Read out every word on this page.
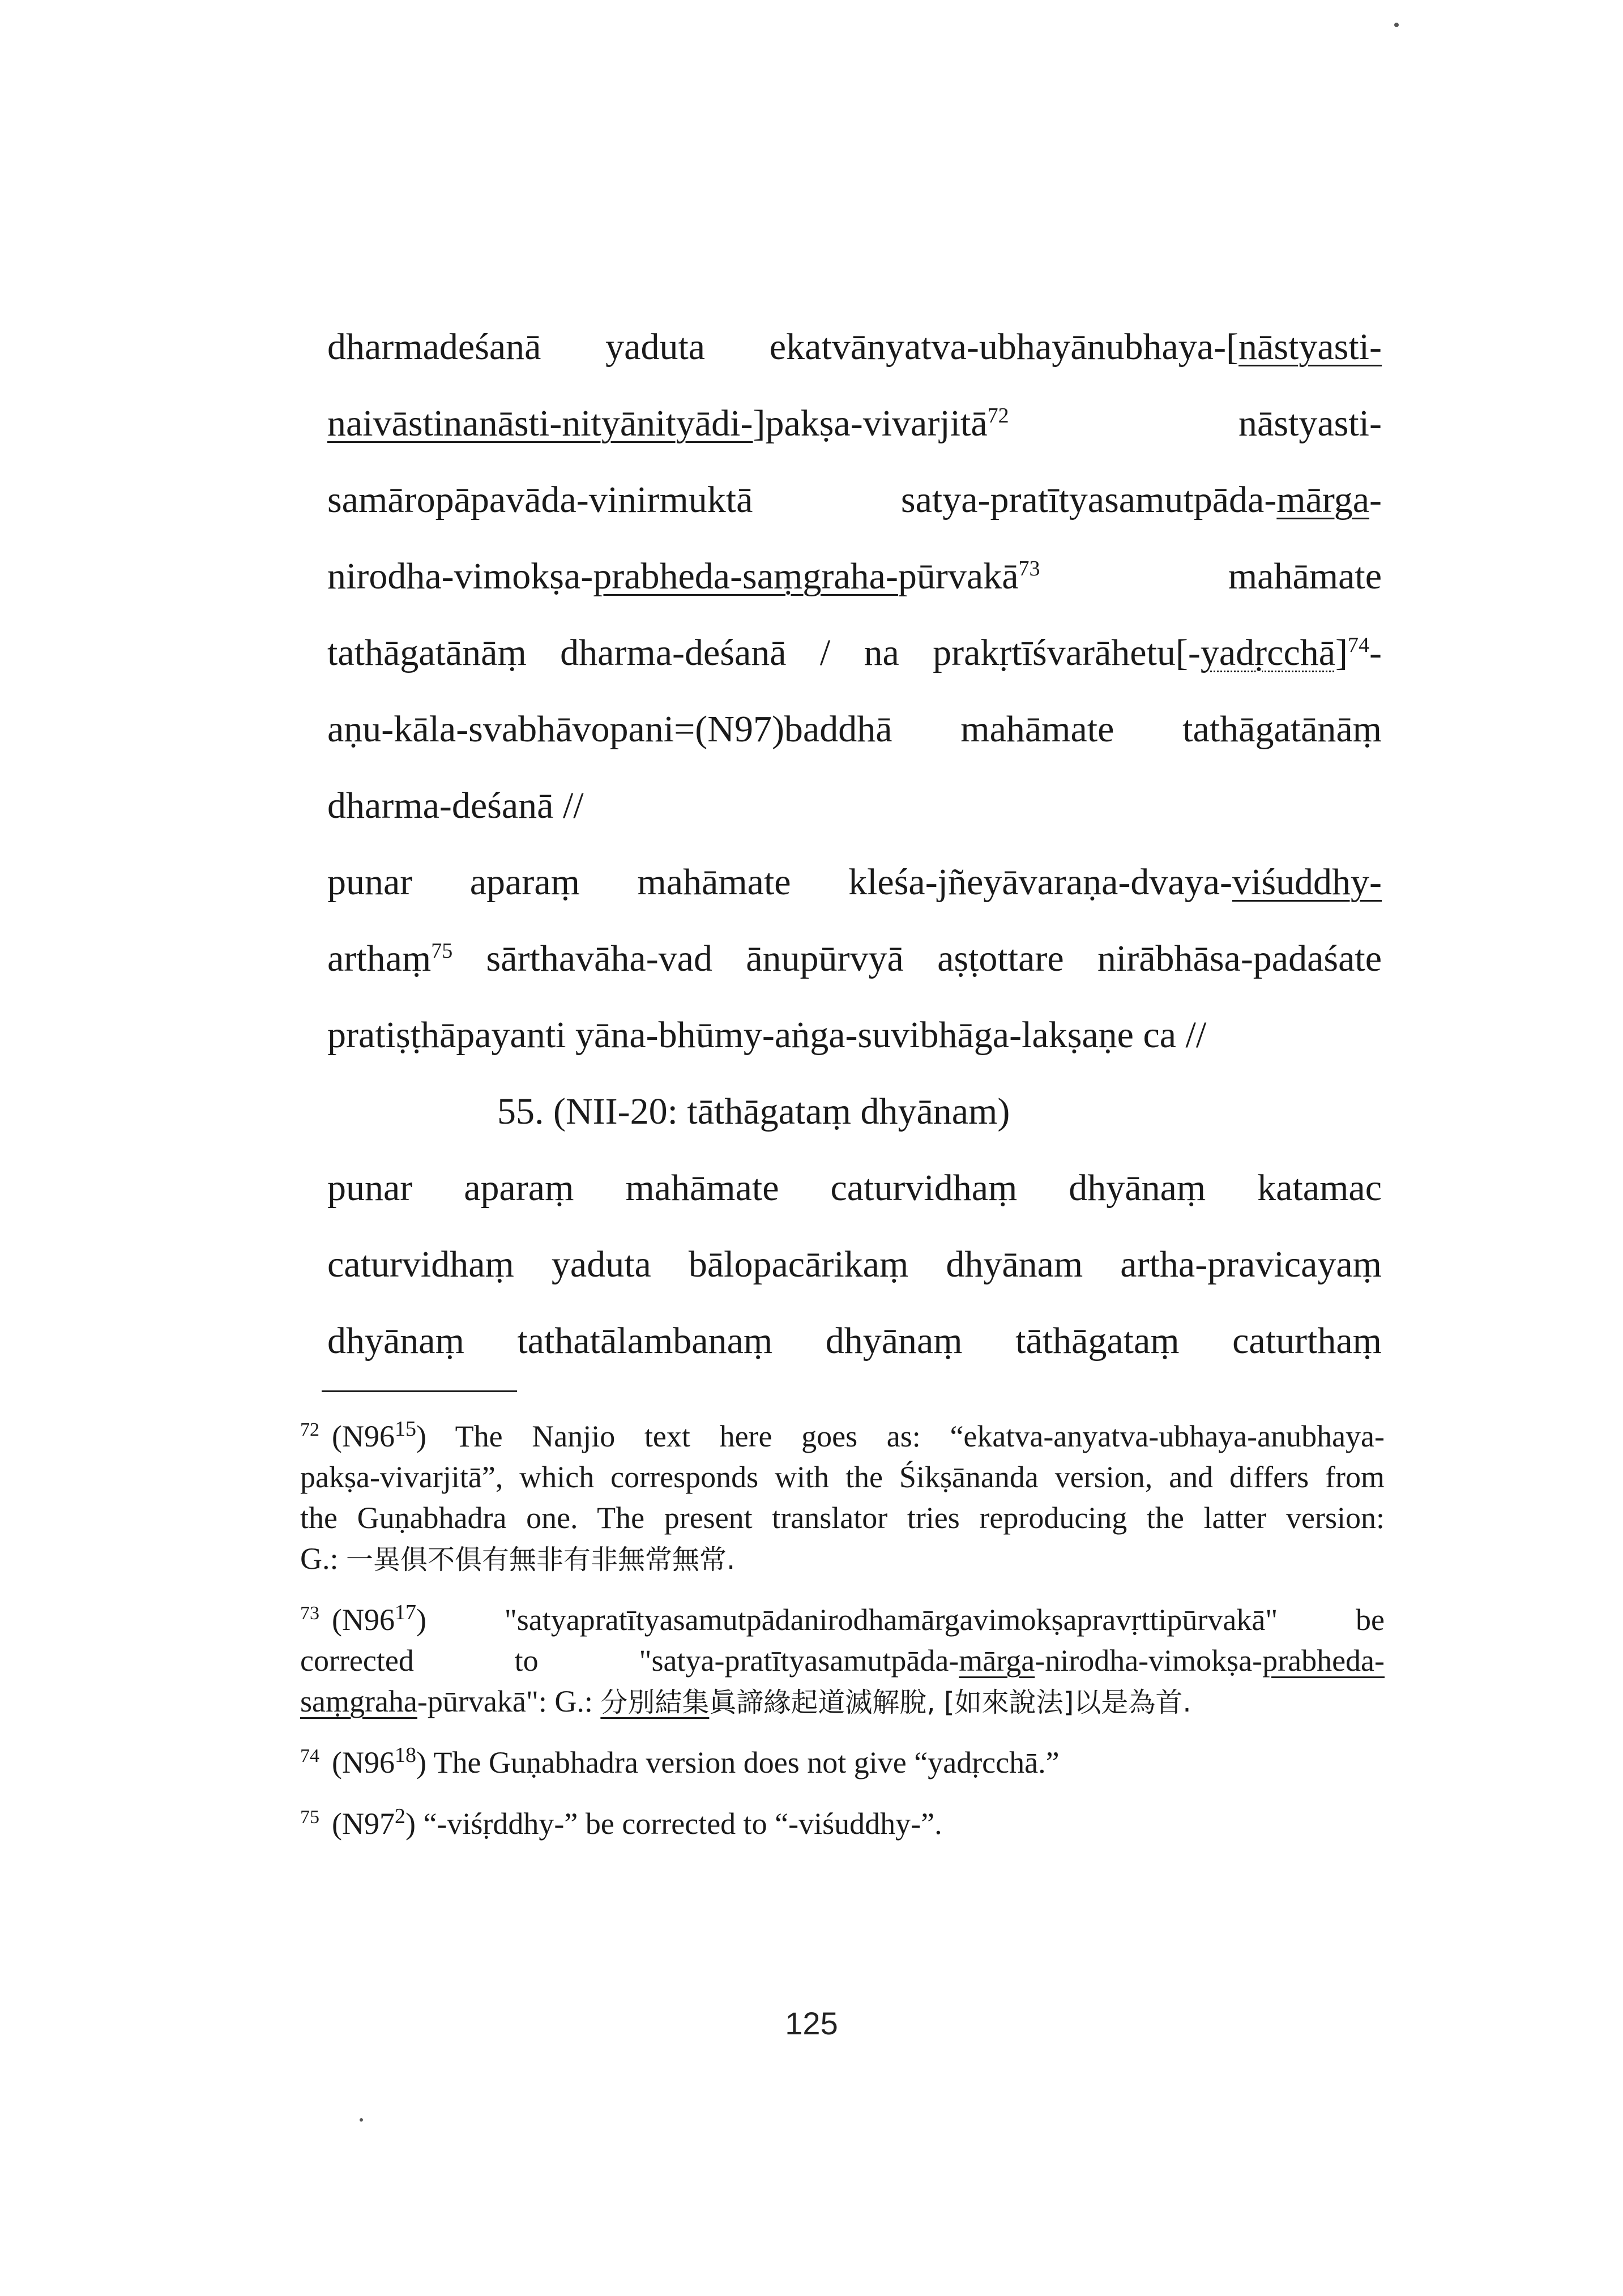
dharmadeśanā yaduta ekatvānyatva-ubhayānubhaya-[nāstyasti-
naivāstinanāsti-nityānityādi-]pakṣa-vivarjitā$^{72}$	nāstyasti-
samāropāpavāda-vinirmuktā satya-pratītyasamutpāda-mārga-
nirodha-vimokṣa-prabheda-saṃgraha-pūrvakā$^{73}$	mahāmate
tathāgatānāṃ dharma-deśanā / na prakṛtīśvarāhetu[-yadṛcchā]$^{74}$-
aṇu-kāla-svabhāvopani=(N97)baddhā mahāmate tathāgatānāṃ
dharma-deśanā //
punar aparaṃ mahāmate kleśa-jñeyāvaraṇa-dvaya-viśuddhy-
arthaṃ$^{75}$ sārthavāha-vad ānupūrvyā aṣṭottare nirābhāsa-padaśate
pratiṣṭhāpayanti yāna-bhūmy-aṅga-suvibhāga-lakṣaṇe ca //
55. (NII-20: tāthāgataṃ dhyānam)
punar aparaṃ mahāmate caturvidhaṃ dhyānaṃ katamac
caturvidhaṃ yaduta bālopacārikaṃ dhyānam artha-pravicayaṃ
dhyānaṃ tathatālambanaṃ dhyānaṃ tāthāgataṃ caturthaṃ
$^{72}$ $(N96^{15})$ The Nanjio text here goes as: “ekatva-anyatva-ubhaya-anubhaya-
pakṣa-vivarjitā”, which corresponds with the Śikṣānanda version, and differs from
the Guṇabhadra one. The present translator tries reproducing the latter version:
G.: 一異俱不俱有無非有非無常無常.
$^{73}$ $(N96^{17})$	"satyapratītyasamutpādanirodhamārgavimokṣapravṛttipūrvakā" be
corrected to "satya-pratītyasamutpāda-mārga-nirodha-vimokṣa-prabheda-
saṃgraha-pūrvakā": G.: 分別結集眞諦緣起道滅解脫, [如來說法]以是為首.
$^{74}$ $(N96^{18})$ The Guṇabhadra version does not give “yadṛcchā.”
$^{75}$ $(N97^2)$ “-viśṛddhy-” be corrected to “-viśuddhy-”.
125
